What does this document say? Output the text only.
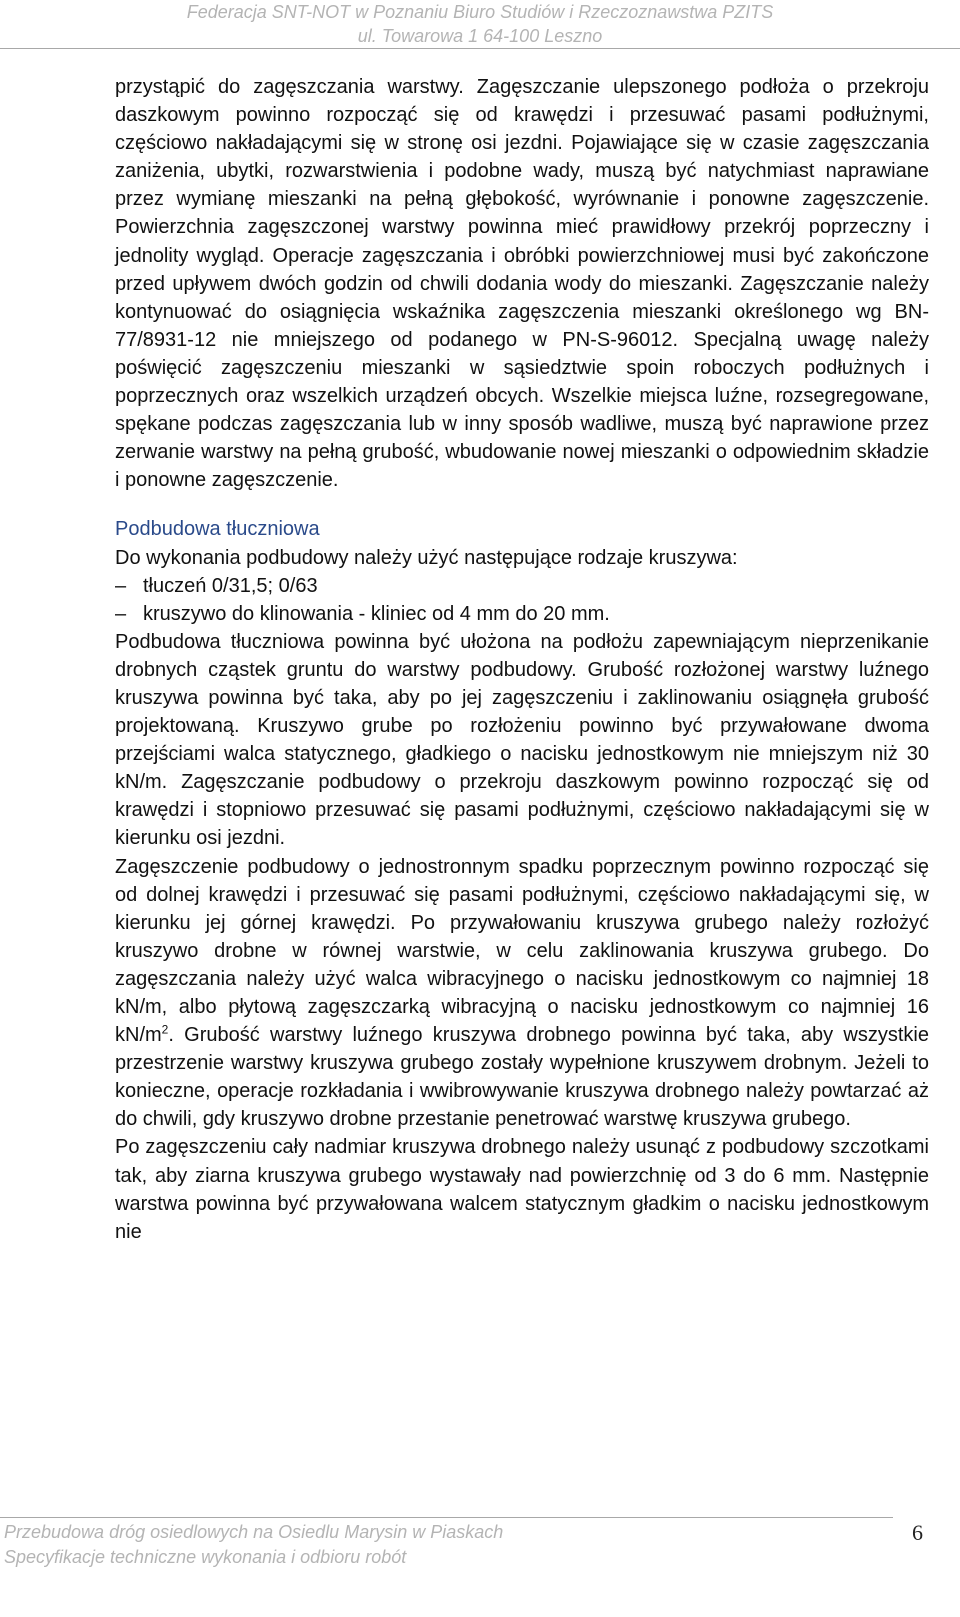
Federacja SNT-NOT w Poznaniu Biuro Studiów i Rzeczoznawstwa PZITS
ul. Towarowa 1 64-100 Leszno

przystąpić do zagęszczania warstwy. Zagęszczanie ulepszonego podłoża o przekroju daszkowym powinno rozpocząć się od krawędzi i przesuwać pasami podłużnymi, częściowo nakładającymi się w stronę osi jezdni. Pojawiające się w czasie zagęszczania zaniżenia, ubytki, rozwarstwienia i podobne wady, muszą być natychmiast naprawiane przez wymianę mieszanki na pełną głębokość, wyrównanie i ponowne zagęszczenie. Powierzchnia zagęszczonej warstwy powinna mieć prawidłowy przekrój poprzeczny i jednolity wygląd. Operacje zagęszczania i obróbki powierzchniowej musi być zakończone przed upływem dwóch godzin od chwili dodania wody do mieszanki. Zagęszczanie należy kontynuować do osiągnięcia wskaźnika zagęszczenia mieszanki określonego wg BN-77/8931-12 nie mniejszego od podanego w PN-S-96012. Specjalną uwagę należy poświęcić zagęszczeniu mieszanki w sąsiedztwie spoin roboczych podłużnych i poprzecznych oraz wszelkich urządzeń obcych. Wszelkie miejsca luźne, rozsegregowane, spękane podczas zagęszczania lub w inny sposób wadliwe, muszą być naprawione przez zerwanie warstwy na pełną grubość, wbudowanie nowej mieszanki o odpowiednim składzie i ponowne zagęszczenie.

Podbudowa tłuczniowa

Do wykonania podbudowy należy użyć następujące rodzaje kruszywa:

– tłuczeń 0/31,5; 0/63
– kruszywo do klinowania - kliniec od 4 mm do 20 mm.

Podbudowa tłuczniowa powinna być ułożona na podłożu zapewniającym nieprzenikanie drobnych cząstek gruntu do warstwy podbudowy. Grubość rozłożonej warstwy luźnego kruszywa powinna być taka, aby po jej zagęszczeniu i zaklinowaniu osiągnęła grubość projektowaną. Kruszywo grube po rozłożeniu powinno być przywałowane dwoma przejściami walca statycznego, gładkiego o nacisku jednostkowym nie mniejszym niż 30 kN/m. Zagęszczanie podbudowy o przekroju daszkowym powinno rozpocząć się od krawędzi i stopniowo przesuwać się pasami podłużnymi, częściowo nakładającymi się w kierunku osi jezdni.

Zagęszczenie podbudowy o jednostronnym spadku poprzecznym powinno rozpocząć się od dolnej krawędzi i przesuwać się pasami podłużnymi, częściowo nakładającymi się, w kierunku jej górnej krawędzi. Po przywałowaniu kruszywa grubego należy rozłożyć kruszywo drobne w równej warstwie, w celu zaklinowania kruszywa grubego. Do zagęszczania należy użyć walca wibracyjnego o nacisku jednostkowym co najmniej 18 kN/m, albo płytową zagęszczarką wibracyjną o nacisku jednostkowym co najmniej 16 $kN/m^2$. Grubość warstwy luźnego kruszywa drobnego powinna być taka, aby wszystkie przestrzenie warstwy kruszywa grubego zostały wypełnione kruszywem drobnym. Jeżeli to konieczne, operacje rozkładania i wwibrowywanie kruszywa drobnego należy powtarzać aż do chwili, gdy kruszywo drobne przestanie penetrować warstwę kruszywa grubego.

Po zagęszczeniu cały nadmiar kruszywa drobnego należy usunąć z podbudowy szczotkami tak, aby ziarna kruszywa grubego wystawały nad powierzchnię od 3 do 6 mm. Następnie warstwa powinna być przywałowana walcem statycznym gładkim o nacisku jednostkowym nie

Przebudowa dróg osiedlowych na Osiedlu Marysin w Piaskach
Specyfikacje techniczne wykonania i odbioru robót
6
